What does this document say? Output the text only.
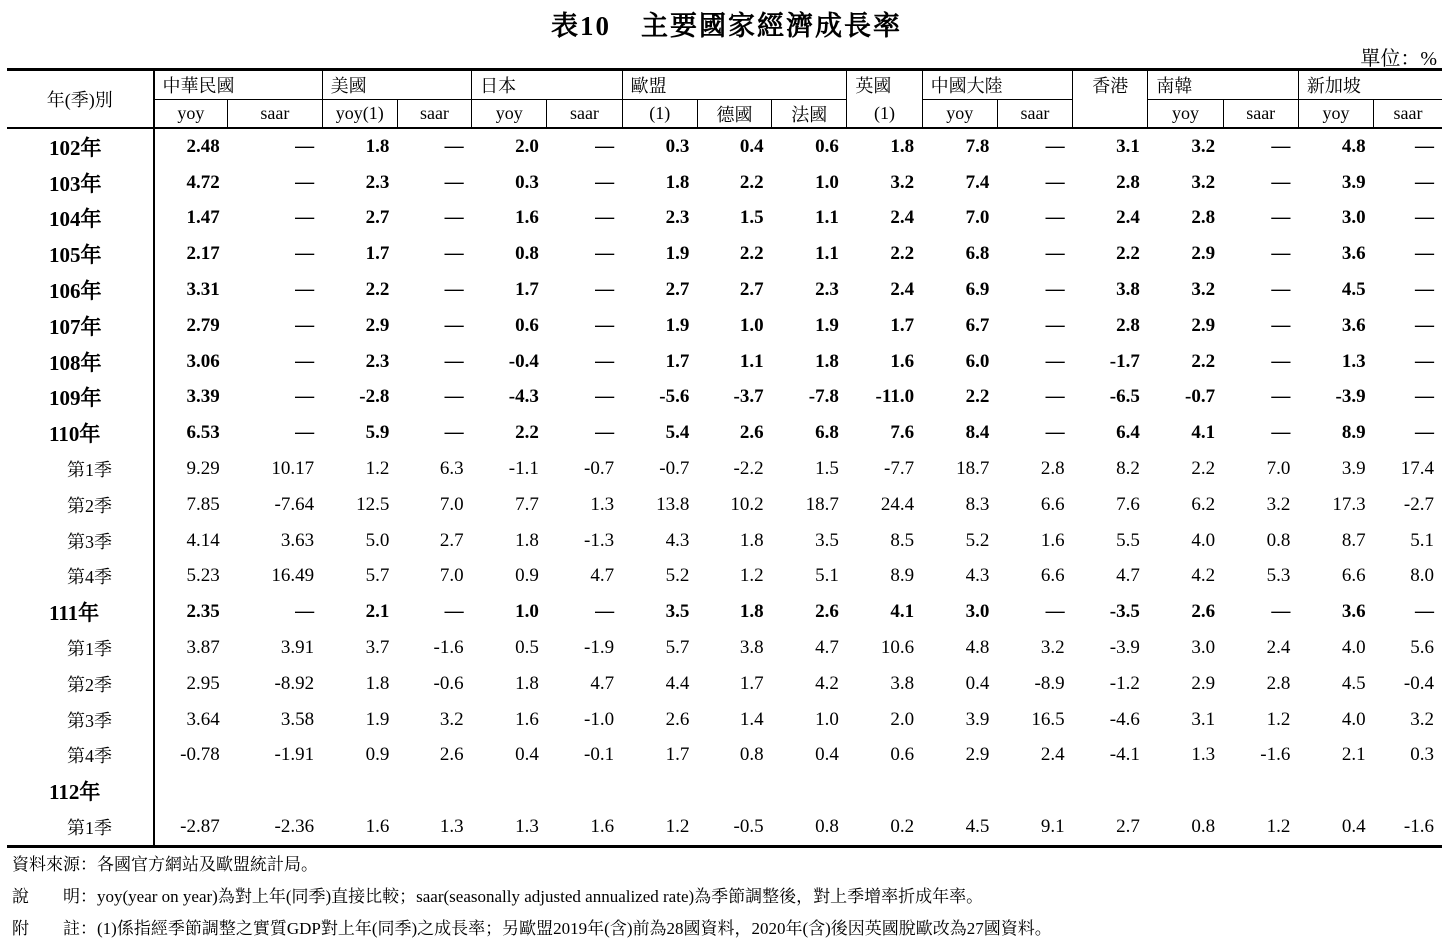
表10 主要國家經濟成長率
單位：%
年(季)別	中華民國		美國		日本		歐盟			英國	中國大陸		香港	南韓		新加坡	
	yoy	saar	yoy(1)	saar	yoy	saar	(1)	德國	法國	(1)	yoy	saar		yoy	saar	yoy	saar
102年	2.48	—	1.8	—	2.0	—	0.3	0.4	0.6	1.8	7.8	—	3.1	3.2	—	4.8	—
103年	4.72	—	2.3	—	0.3	—	1.8	2.2	1.0	3.2	7.4	—	2.8	3.2	—	3.9	—
104年	1.47	—	2.7	—	1.6	—	2.3	1.5	1.1	2.4	7.0	—	2.4	2.8	—	3.0	—
105年	2.17	—	1.7	—	0.8	—	1.9	2.2	1.1	2.2	6.8	—	2.2	2.9	—	3.6	—
106年	3.31	—	2.2	—	1.7	—	2.7	2.7	2.3	2.4	6.9	—	3.8	3.2	—	4.5	—
107年	2.79	—	2.9	—	0.6	—	1.9	1.0	1.9	1.7	6.7	—	2.8	2.9	—	3.6	—
108年	3.06	—	2.3	—	-0.4	—	1.7	1.1	1.8	1.6	6.0	—	-1.7	2.2	—	1.3	—
109年	3.39	—	-2.8	—	-4.3	—	-5.6	-3.7	-7.8	-11.0	2.2	—	-6.5	-0.7	—	-3.9	—
110年	6.53	—	5.9	—	2.2	—	5.4	2.6	6.8	7.6	8.4	—	6.4	4.1	—	8.9	—
第1季	9.29	10.17	1.2	6.3	-1.1	-0.7	-0.7	-2.2	1.5	-7.7	18.7	2.8	8.2	2.2	7.0	3.9	17.4
第2季	7.85	-7.64	12.5	7.0	7.7	1.3	13.8	10.2	18.7	24.4	8.3	6.6	7.6	6.2	3.2	17.3	-2.7
第3季	4.14	3.63	5.0	2.7	1.8	-1.3	4.3	1.8	3.5	8.5	5.2	1.6	5.5	4.0	0.8	8.7	5.1
第4季	5.23	16.49	5.7	7.0	0.9	4.7	5.2	1.2	5.1	8.9	4.3	6.6	4.7	4.2	5.3	6.6	8.0
111年	2.35	—	2.1	—	1.0	—	3.5	1.8	2.6	4.1	3.0	—	-3.5	2.6	—	3.6	—
第1季	3.87	3.91	3.7	-1.6	0.5	-1.9	5.7	3.8	4.7	10.6	4.8	3.2	-3.9	3.0	2.4	4.0	5.6
第2季	2.95	-8.92	1.8	-0.6	1.8	4.7	4.4	1.7	4.2	3.8	0.4	-8.9	-1.2	2.9	2.8	4.5	-0.4
第3季	3.64	3.58	1.9	3.2	1.6	-1.0	2.6	1.4	1.0	2.0	3.9	16.5	-4.6	3.1	1.2	4.0	3.2
第4季	-0.78	-1.91	0.9	2.6	0.4	-0.1	1.7	0.8	0.4	0.6	2.9	2.4	-4.1	1.3	-1.6	2.1	0.3
112年																	
第1季	-2.87	-2.36	1.6	1.3	1.3	1.6	1.2	-0.5	0.8	0.2	4.5	9.1	2.7	0.8	1.2	0.4	-1.6
資料來源：各國官方網站及歐盟統計局。
說　　明：yoy(year on year)為對上年(同季)直接比較；saar(seasonally adjusted annualized rate)為季節調整後，對上季增率折成年率。
附　　註：(1)係指經季節調整之實質GDP對上年(同季)之成長率；另歐盟2019年(含)前為28國資料，2020年(含)後因英國脫歐改為27國資料。
